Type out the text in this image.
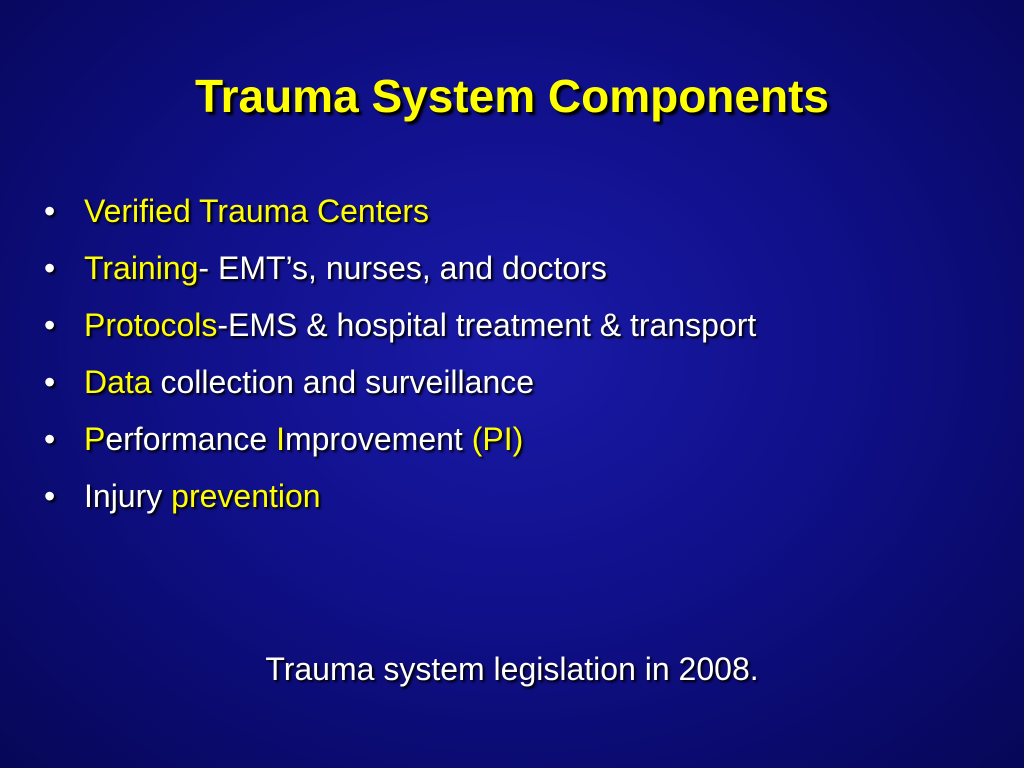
Trauma System Components
• Verified Trauma Centers
• Training- EMT’s, nurses, and doctors
• Protocols-EMS & hospital treatment & transport
• Data collection and surveillance
• Performance Improvement (PI)
• Injury prevention
Trauma system legislation in 2008.
